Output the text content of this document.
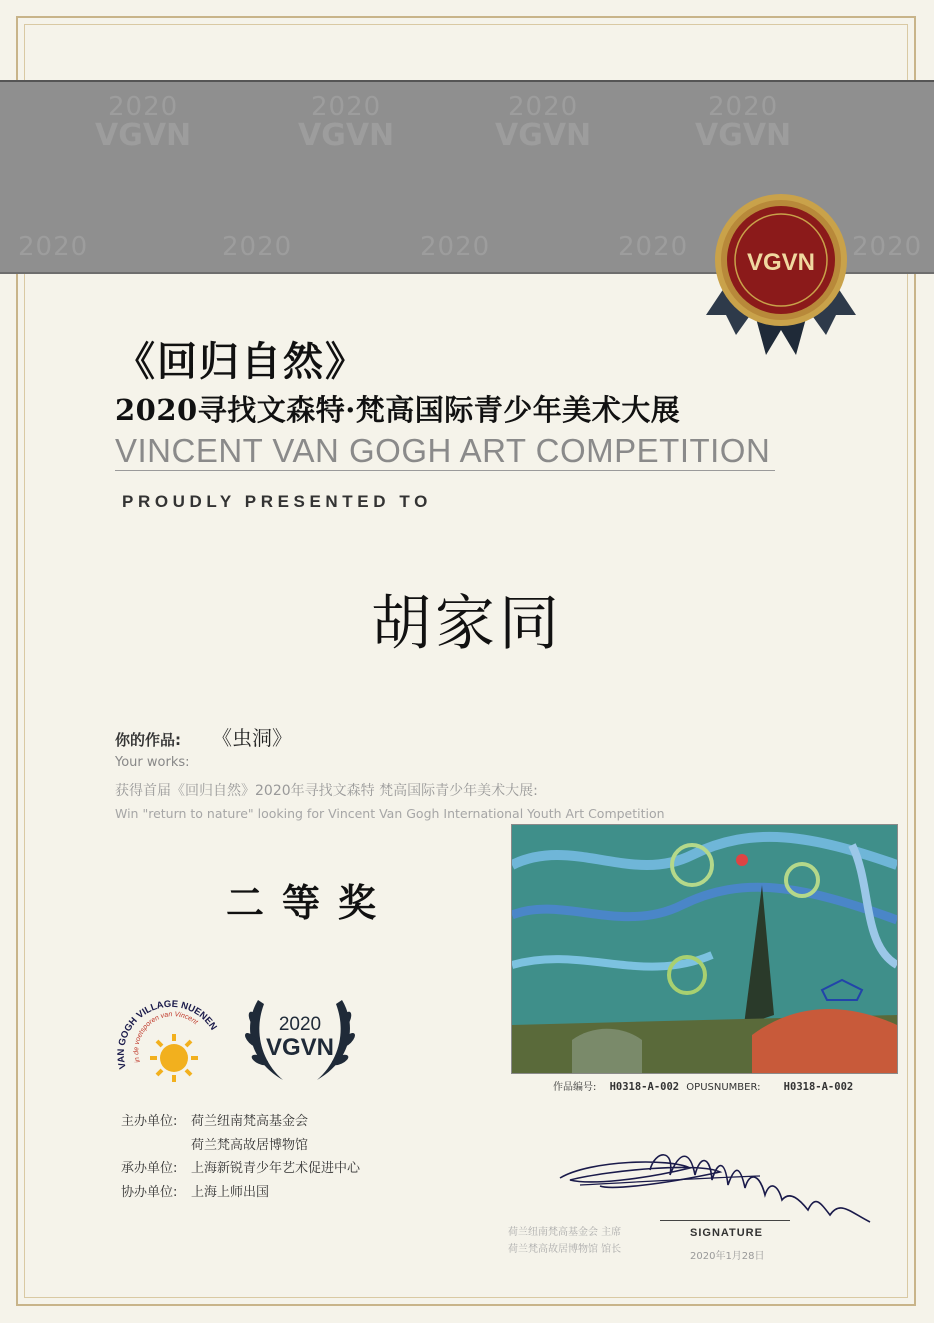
2020
VGVN
2020
VGVN
2020
VGVN
2020
VGVN
2020	2020	2020	2020	2020
VGVN
《回归自然》
2020寻找文森特·梵高国际青少年美术大展
VINCENT VAN GOGH ART COMPETITION
PROUDLY PRESENTED TO
胡家同
你的作品: 《虫洞》
Your works:
获得首届《回归自然》2020年寻找文森特 梵高国际青少年美术大展:
Win "return to nature" looking for Vincent Van Gogh International Youth Art Competition
二等奖
作品编号: H0318-A-002 OPUSNUMBER: H0318-A-002
VAN GOGH VILLAGE NUENEN
in de voetsporen van Vincent	2020
VGVN
主办单位: 荷兰纽南梵高基金会
荷兰梵高故居博物馆
承办单位: 上海新锐青少年艺术促进中心
协办单位: 上海上师出国
SIGNATURE
荷兰纽南梵高基金会 主席
荷兰梵高故居博物馆 馆长
2020年1月28日
